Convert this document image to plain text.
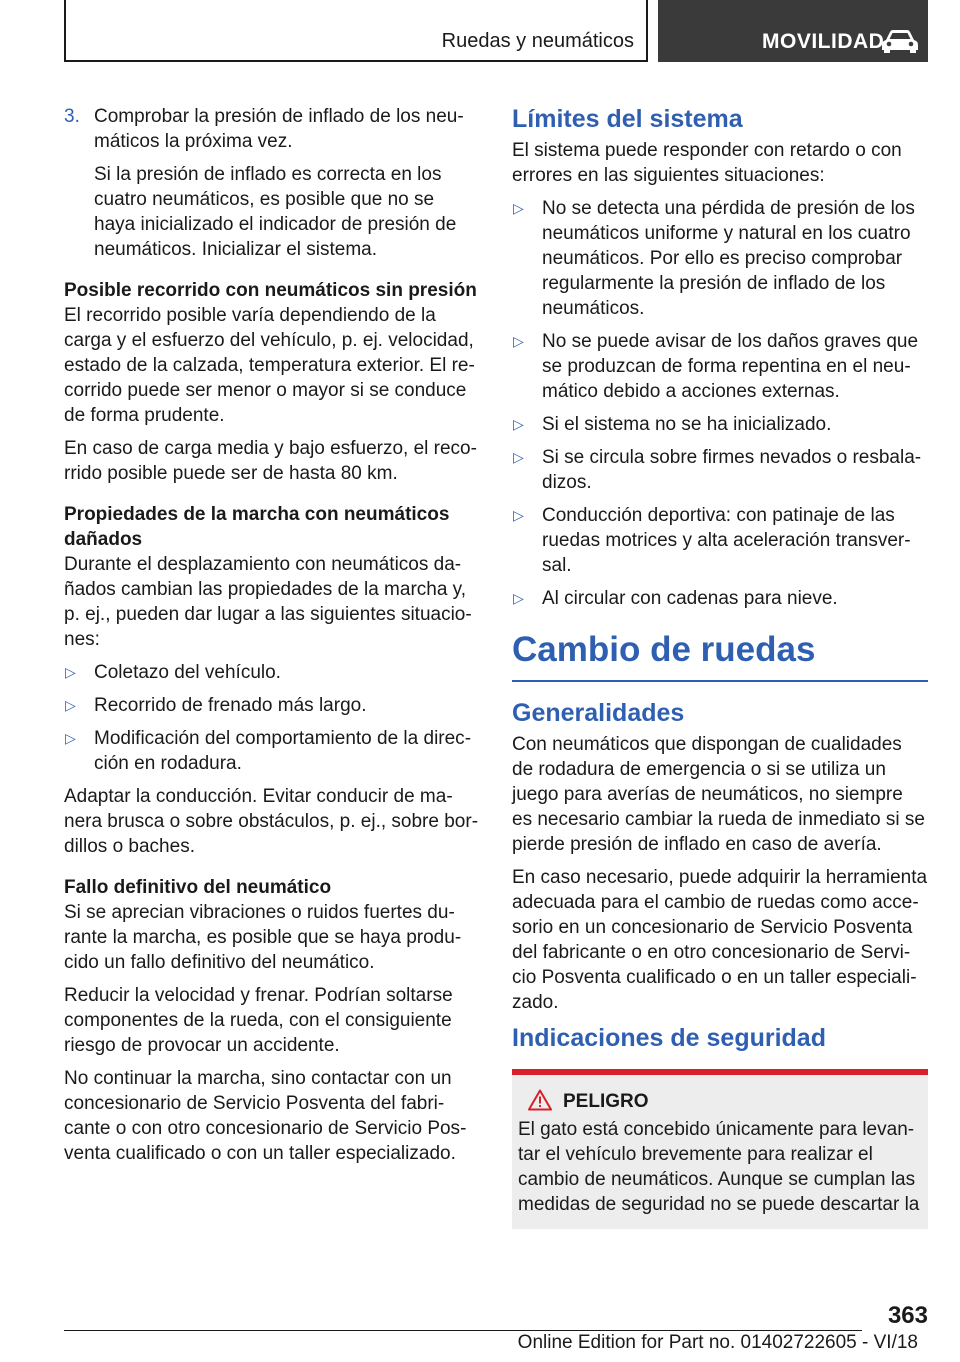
Ruedas y neumáticos	MOVILIDAD
3. Comprobar la presión de inflado de los neumáticos la próxima vez.

Si la presión de inflado es correcta en los cuatro neumáticos, es posible que no se haya inicializado el indicador de presión de neumáticos. Inicializar el sistema.

Posible recorrido con neumáticos sin presión

El recorrido posible varía dependiendo de la carga y el esfuerzo del vehículo, p. ej. velocidad, estado de la calzada, temperatura exterior. El recorrido puede ser menor o mayor si se conduce de forma prudente.

En caso de carga media y bajo esfuerzo, el recorrido posible puede ser de hasta 80 km.

Propiedades de la marcha con neumáticos dañados

Durante el desplazamiento con neumáticos dañados cambian las propiedades de la marcha y, p. ej., pueden dar lugar a las siguientes situaciones:

▷ Coletazo del vehículo.
▷ Recorrido de frenado más largo.
▷ Modificación del comportamiento de la dirección en rodadura.

Adaptar la conducción. Evitar conducir de manera brusca o sobre obstáculos, p. ej., sobre bordillos o baches.

Fallo definitivo del neumático

Si se aprecian vibraciones o ruidos fuertes durante la marcha, es posible que se haya producido un fallo definitivo del neumático.

Reducir la velocidad y frenar. Podrían soltarse componentes de la rueda, con el consiguiente riesgo de provocar un accidente.

No continuar la marcha, sino contactar con un concesionario de Servicio Posventa del fabricante o con otro concesionario de Servicio Posventa cualificado o con un taller especializado.

Límites del sistema

El sistema puede responder con retardo o con errores en las siguientes situaciones:

▷ No se detecta una pérdida de presión de los neumáticos uniforme y natural en los cuatro neumáticos. Por ello es preciso comprobar regularmente la presión de inflado de los neumáticos.
▷ No se puede avisar de los daños graves que se produzcan de forma repentina en el neumático debido a acciones externas.
▷ Si el sistema no se ha inicializado.
▷ Si se circula sobre firmes nevados o resbaladizos.
▷ Conducción deportiva: con patinaje de las ruedas motrices y alta aceleración transversal.
▷ Al circular con cadenas para nieve.

Cambio de ruedas

Generalidades

Con neumáticos que dispongan de cualidades de rodadura de emergencia o si se utiliza un juego para averías de neumáticos, no siempre es necesario cambiar la rueda de inmediato si se pierde presión de inflado en caso de avería.

En caso necesario, puede adquirir la herramienta adecuada para el cambio de ruedas como accesorio en un concesionario de Servicio Posventa del fabricante o en otro concesionario de Servicio Posventa cualificado o en un taller especializado.

Indicaciones de seguridad

PELIGRO

El gato está concebido únicamente para levantar el vehículo brevemente para realizar el cambio de neumáticos. Aunque se cumplan las medidas de seguridad no se puede descartar la

363
Online Edition for Part no. 01402722605 - VI/18
